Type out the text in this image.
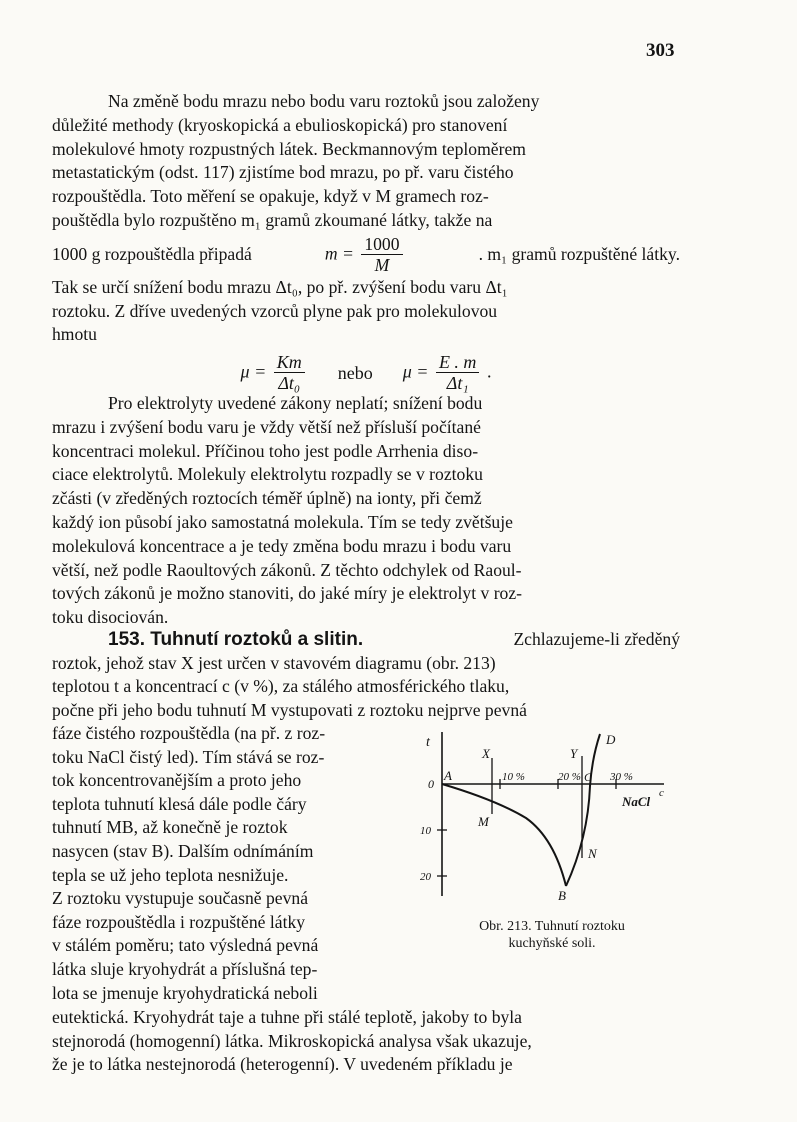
303

Na změně bodu mrazu nebo bodu varu roztoků jsou založeny

důležité methody (kryoskopická a ebulioskopická) pro stanovení

molekulové hmoty rozpustných látek. Beckmannovým teploměrem

metastatickým (odst. 117) zjistíme bod mrazu, po př. varu čistého

rozpouštědla. Toto měření se opakuje, když v M gramech roz-

pouštědla bylo rozpuštěno m₁ gramů zkoumané látky, takže na

1000 g rozpouštědla připadá	$m = \frac{1000}{M}$	. m₁ gramů rozpuštěné látky.

Tak se určí snížení bodu mrazu Δt₀, po př. zvýšení bodu varu Δt₁

roztoku. Z dříve uvedených vzorců plyne pak pro molekulovou

hmotu

$\mu = \frac{Km}{\text{Δt₀}}$ nebo $\mu = \frac{E . m}{\text{Δt₁}}$ .

Pro elektrolyty uvedené zákony neplatí; snížení bodu

mrazu i zvýšení bodu varu je vždy větší než přísluší počítané

koncentraci molekul. Příčinou toho jest podle Arrhenia diso-

ciace elektrolytů. Molekuly elektrolytu rozpadly se v roztoku

zčásti (v zředěných roztocích téměř úplně) na ionty, při čemž

každý ion působí jako samostatná molekula. Tím se tedy zvětšuje

molekulová koncentrace a je tedy změna bodu mrazu i bodu varu

větší, než podle Raoultových zákonů. Z těchto odchylek od Raoul-

tových zákonů je možno stanoviti, do jaké míry je elektrolyt v roz-

toku disociován.

153. Tuhnutí roztoků a slitin.	Zchlazujeme-li zředěný

roztok, jehož stav X jest určen v stavovém diagramu (obr. 213)

teplotou t a koncentrací c (v %), za stálého atmosférického tlaku,

počne při jeho bodu tuhnutí M vystupovati z roztoku nejprve pevná

fáze čistého rozpouštědla (na př. z roz-

toku NaCl čistý led). Tím stává se roz-

tok koncentrovanějším a proto jeho

teplota tuhnutí klesá dále podle čáry

tuhnutí MB, až konečně je roztok

nasycen (stav B). Dalším odnímáním

tepla se už jeho teplota nesnižuje.

Z roztoku vystupuje současně pevná

fáze rozpouštědla i rozpuštěné látky

v stálém poměru; tato výsledná pevná

látka sluje kryohydrát a příslušná tep-

lota se jmenuje kryohydratická neboli

t	D
X	Y
0
A	10 %	20 % C 30 %
NaCl
c
M
10
N
20
B
Obr. 213. Tuhnutí roztoku
kuchyňské soli.

eutektická. Kryohydrát taje a tuhne při stálé teplotě, jakoby to byla

stejnorodá (homogenní) látka. Mikroskopická analysa však ukazuje,

že je to látka nestejnorodá (heterogenní). V uvedeném příkladu je
